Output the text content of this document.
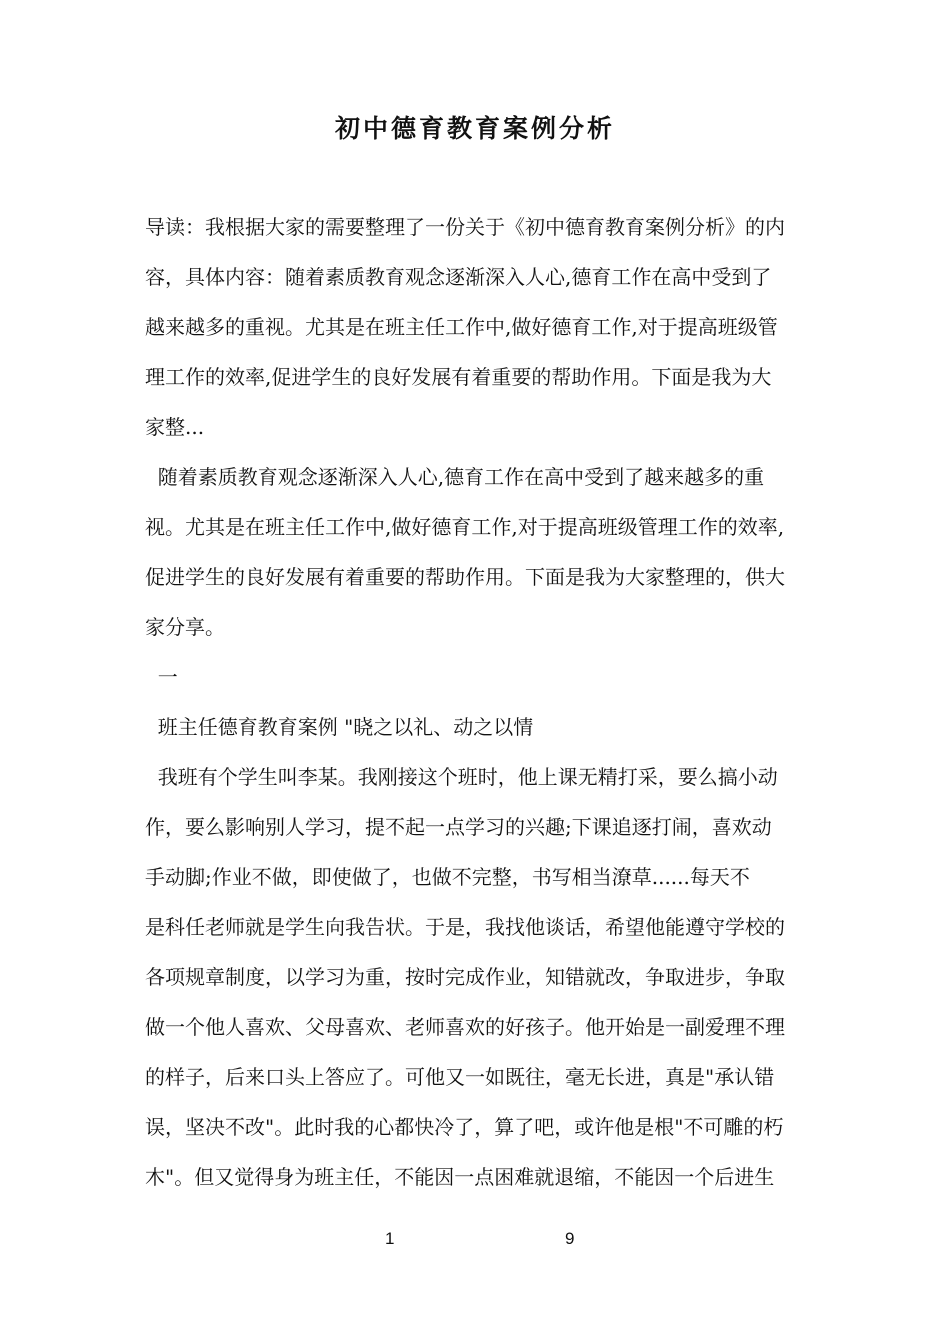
初中德育教育案例分析
导读：我根据大家的需要整理了一份关于《初中德育教育案例分析》的内
容，具体内容：随着素质教育观念逐渐深入人心,德育工作在高中受到了
越来越多的重视。尤其是在班主任工作中,做好德育工作,对于提高班级管
理工作的效率,促进学生的良好发展有着重要的帮助作用。下面是我为大
家整...
随着素质教育观念逐渐深入人心,德育工作在高中受到了越来越多的重
视。尤其是在班主任工作中,做好德育工作,对于提高班级管理工作的效率,
促进学生的良好发展有着重要的帮助作用。下面是我为大家整理的，供大
家分享。
一
班主任德育教育案例 "晓之以礼、动之以情
我班有个学生叫李某。我刚接这个班时，他上课无精打采，要么搞小动
作，要么影响别人学习，提不起一点学习的兴趣;下课追逐打闹，喜欢动
手动脚;作业不做，即使做了，也做不完整，书写相当潦草......每天不
是科任老师就是学生向我告状。于是，我找他谈话，希望他能遵守学校的
各项规章制度，以学习为重，按时完成作业，知错就改，争取进步，争取
做一个他人喜欢、父母喜欢、老师喜欢的好孩子。他开始是一副爱理不理
的样子，后来口头上答应了。可他又一如既往，毫无长进，真是"承认错
误，坚决不改"。此时我的心都快冷了，算了吧，或许他是根"不可雕的朽
木"。但又觉得身为班主任，不能因一点困难就退缩，不能因一个后进生
1	9
